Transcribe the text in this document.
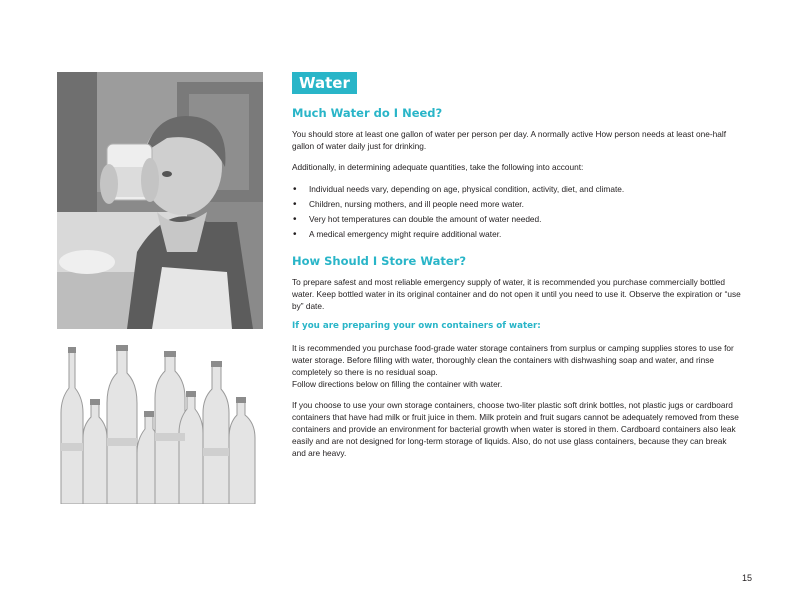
Water
Much Water do I Need?

You should store at least one gallon of water per person per day. A normally active How person needs at least one-half gallon of water daily just for drinking.

Additionally, in determining adequate quantities, take the following into account:

• Individual needs vary, depending on age, physical condition, activity, diet, and climate.
• Children, nursing mothers, and ill people need more water.
• Very hot temperatures can double the amount of water needed.
• A medical emergency might require additional water.
How Should I Store Water?

To prepare safest and most reliable emergency supply of water, it is recommended you purchase commercially bottled water. Keep bottled water in its original container and do not open it until you need to use it. Observe the expiration or “use by” date.

If you are preparing your own containers of water:

It is recommended you purchase food-grade water storage containers from surplus or camping supplies stores to use for water storage. Before filling with water, thoroughly clean the containers with dishwashing soap and water, and rinse completely so there is no residual soap.

Follow directions below on filling the container with water.

If you choose to use your own storage containers, choose two-liter plastic soft drink bottles, not plastic jugs or cardboard containers that have had milk or fruit juice in them. Milk protein and fruit sugars cannot be adequately removed from these containers and provide an environment for bacterial growth when water is stored in them. Cardboard containers also leak easily and are not designed for long-term storage of liquids. Also, do not use glass containers, because they can break and are heavy.

15
